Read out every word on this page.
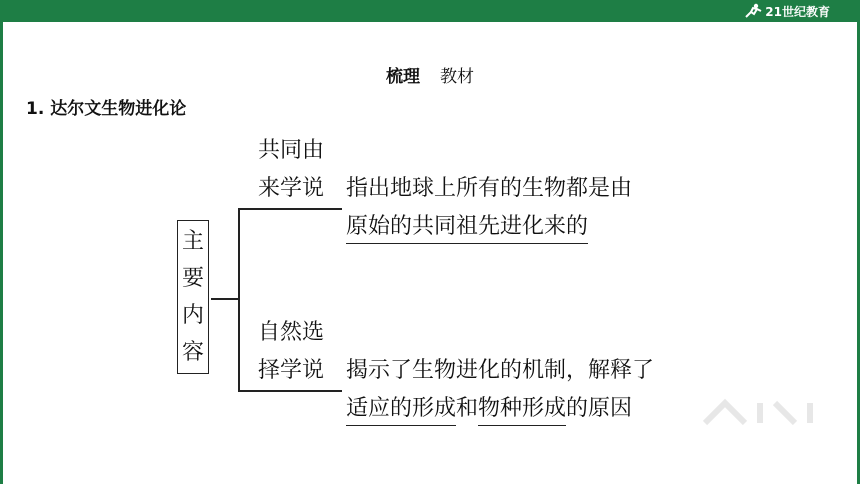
21世纪教育
梳理 教材
1. 达尔文生物进化论
主
要
内
容
共同由
来学说 指出地球上所有的生物都是由
原始的共同祖先进化来的
自然选
择学说 揭示了生物进化的机制，解释了
适应的形成和物种形成的原因
